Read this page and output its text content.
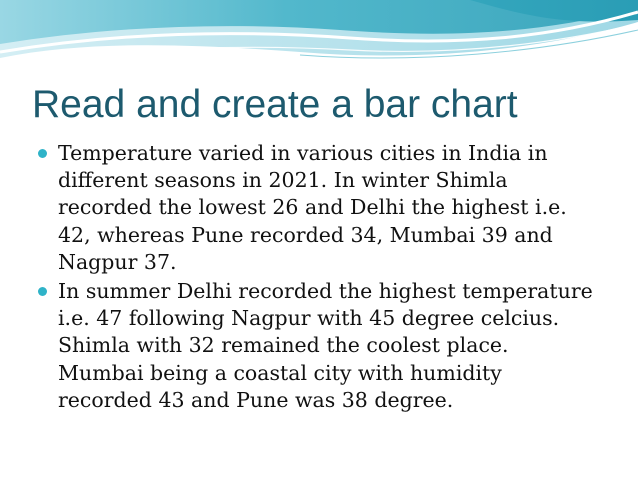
Read and create a bar chart
Temperature varied in various cities in India in different seasons in 2021. In winter Shimla recorded the lowest 26 and Delhi the highest i.e. 42, whereas Pune recorded 34, Mumbai 39 and Nagpur 37.
In summer Delhi recorded the highest temperature i.e. 47 following Nagpur with 45 degree celcius. Shimla with 32 remained the coolest place. Mumbai being a coastal city with humidity recorded 43 and Pune was 38 degree.
